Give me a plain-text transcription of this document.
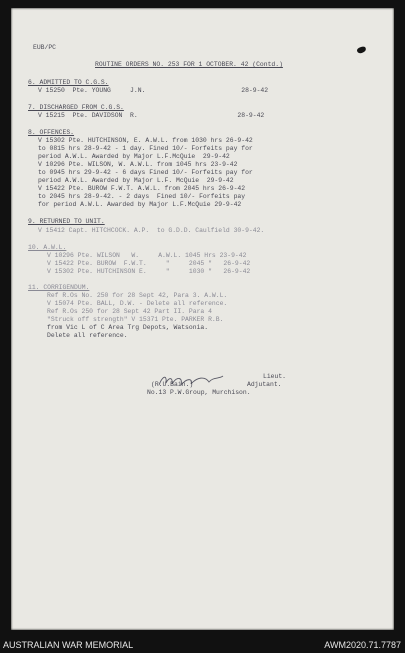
EUB/PC
ROUTINE ORDERS NO. 253 FOR 1 OCTOBER. 42 (Contd.)
6. ADMITTED TO C.G.S.
V 15250  Pte. YOUNG     J.N.                         28-9-42
7. DISCHARGED FROM C.G.S.
V 15215  Pte. DAVIDSON  R.                          28-9-42
8. OFFENCES.
V 15302 Pte. HUTCHINSON, E. A.W.L. from 1030 hrs 26-9-42
to 0815 hrs 28-9-42 - 1 day. Fined 10/- Forfeits pay for
period A.W.L. Awarded by Major L.F.McQuie  29-9-42
V 10296 Pte. WILSON, W. A.W.L. from 1045 hrs 23-9-42
to 0945 hrs 29-9-42 - 6 days Fined 10/- Forfeits pay for
period A.W.L. Awarded by Major L.F. McQuie  29-9-42
V 15422 Pte. BUROW F.W.T. A.W.L. from 2045 hrs 26-9-42
to 2045 hrs 28-9-42. - 2 days  Fined 10/- Forfeits pay
for period A.W.L. Awarded by Major L.F.McQuie 29-9-42
9. RETURNED TO UNIT.
V 15412 Capt. HITCHCOCK. A.P.  to G.D.D. Caulfield 30-9-42.
10. A.W.L.
V 10296 Pte. WILSON   W.     A.W.L. 1045 Hrs 23-9-42
V 15422 Pte. BUROW  F.W.T.     "     2045 "   26-9-42
V 15302 Pte. HUTCHINSON E.     "     1030 "   26-9-42
11. CORRIGENDUM.
Ref R.Os No. 250 for 28 Sept 42, Para 3. A.W.L.
V 15074 Pte. BALL, D.W. - Delete all reference.
Ref R.Os 250 for 28 Sept 42 Part II. Para 4
"Struck off strength" V 15371 Pte. PARKER R.B.
from Vic L of C Area Trg Depots, Watsonia.
Delete all reference.
(R.U.Bain.)
Lieut.
Adjutant.
No.13 P.W.Group, Murchison.
AUSTRALIAN WAR MEMORIAL	AWM2020.71.7787
